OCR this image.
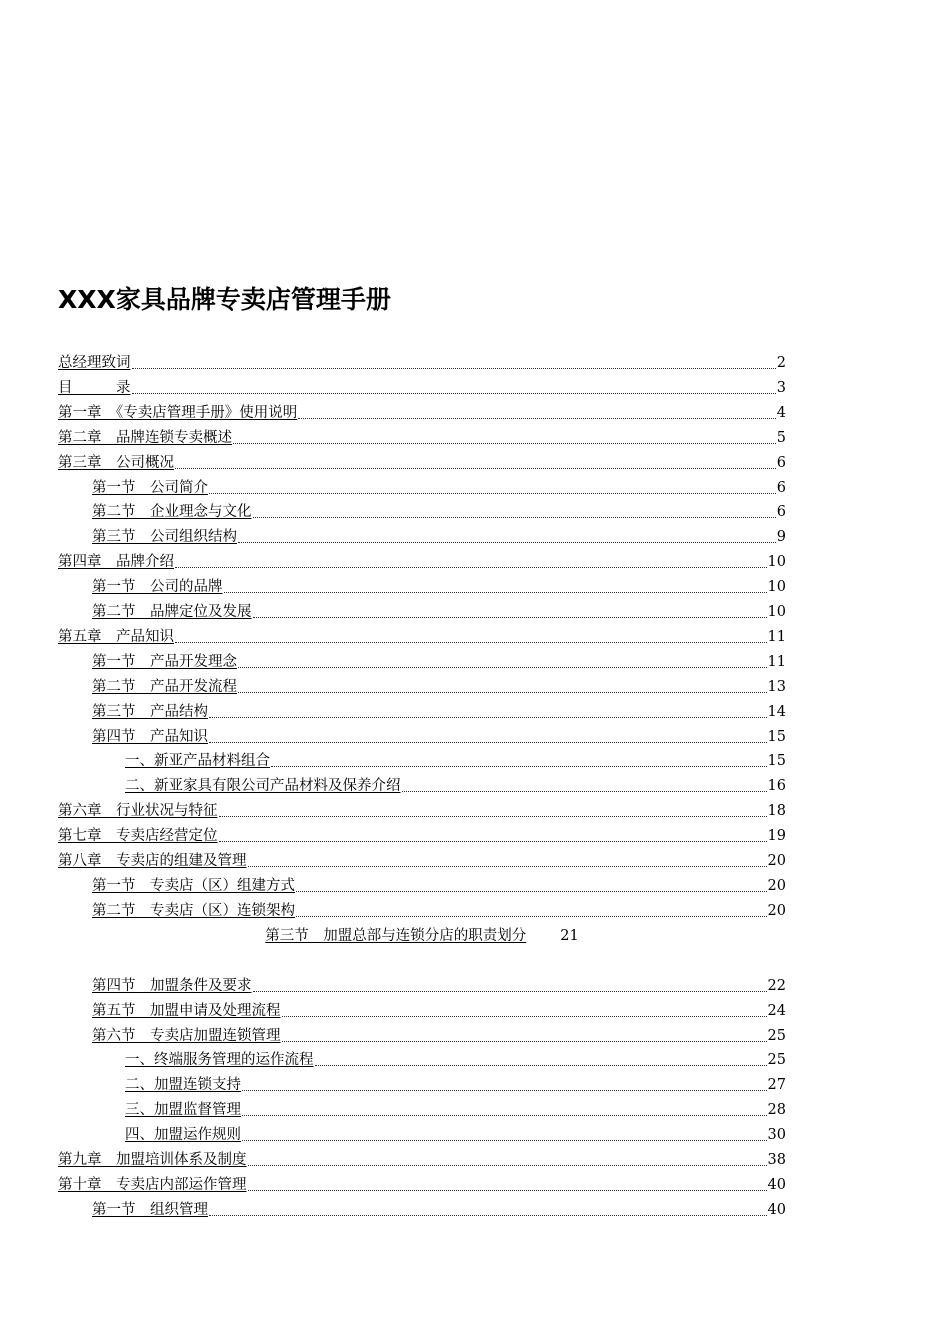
XXX家具品牌专卖店管理手册
总经理致词	2
目　　　录	3
第一章　《专卖店管理手册》使用说明	4
第二章　品牌连锁专卖概述	5
第三章　公司概况	6
第一节　公司简介	6
第二节　企业理念与文化	6
第三节　公司组织结构	9
第四章　品牌介绍	10
第一节　公司的品牌	10
第二节　品牌定位及发展	10
第五章　产品知识	11
第一节　产品开发理念	11
第二节　产品开发流程	13
第三节　产品结构	14
第四节　产品知识	15
一、新亚产品材料组合	15
二、新亚家具有限公司产品材料及保养介绍	16
第六章　行业状况与特征	18
第七章　专卖店经营定位	19
第八章　专卖店的组建及管理	20
第一节　专卖店（区）组建方式	20
第二节　专卖店（区）连锁架构	20
第三节　加盟总部与连锁分店的职责划分 21
第四节　加盟条件及要求	22
第五节　加盟申请及处理流程	24
第六节　专卖店加盟连锁管理	25
一、终端服务管理的运作流程	25
二、加盟连锁支持	27
三、加盟监督管理	28
四、加盟运作规则	30
第九章　加盟培训体系及制度	38
第十章　专卖店内部运作管理	40
第一节　组织管理	40
